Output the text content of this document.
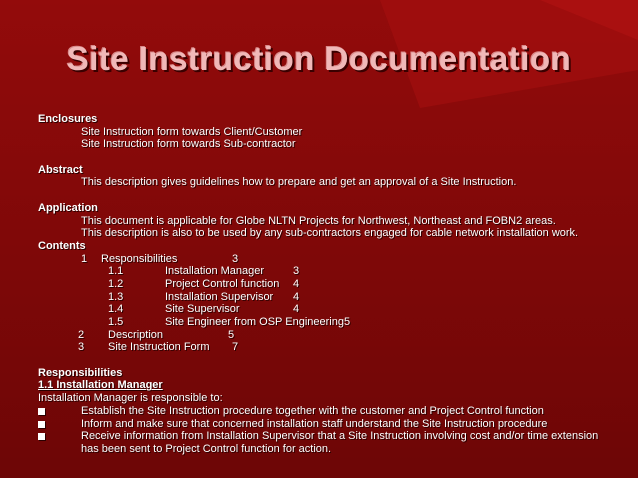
Site Instruction Documentation
Enclosures
Site Instruction form towards Client/Customer
Site Instruction form towards Sub-contractor
Abstract
This description gives guidelines how to prepare and get an approval of a Site Instruction.
Application
This document is applicable for Globe NLTN Projects for Northwest, Northeast and FOBN2 areas.
This description is also to be used by any sub-contractors engaged for cable network installation work.
Contents
1 Responsibilities	3
1.1	Installation Manager	3
1.2	Project Control function 4
1.3	Installation Supervisor 4
1.4	Site Supervisor	4
1.5	Site Engineer from OSP Engineering 5
2 Description	5
3 Site Instruction Form 7
Responsibilities
1.1 Installation Manager
Installation Manager is responsible to:
Establish the Site Instruction procedure together with the customer and Project Control function
Inform and make sure that concerned installation staff understand the Site Instruction procedure
Receive information from Installation Supervisor that a Site Instruction involving cost and/or time extension has been sent to Project Control function for action.
